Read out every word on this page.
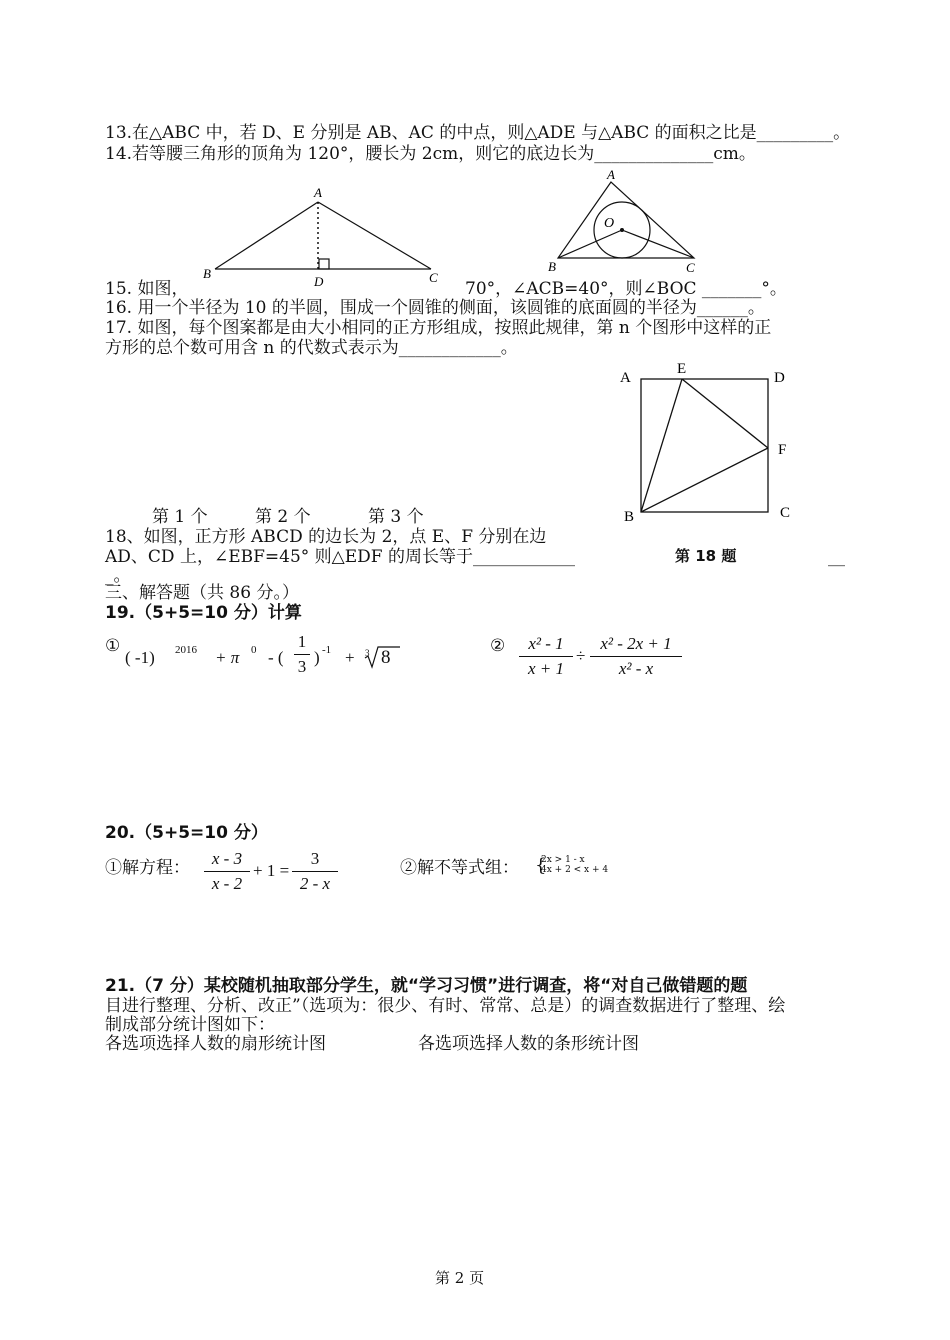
13.在△ABC 中，若 D、E 分别是 AB、AC 的中点，则△ADE 与△ABC 的面积之比是_________。
14.若等腰三角形的顶角为 120°，腰长为 2cm，则它的底边长为______________cm。
A
B	C
D
A
B	C
O
15. 如图，	70°，∠ACB=40°，则∠BOC _______°。
16. 用一个半径为 10 的半圆，围成一个圆锥的侧面，该圆锥的底面圆的半径为______。
17. 如图，每个图案都是由大小相同的正方形组成，按照此规律，第 n 个图形中这样的正
方形的总个数可用含 n 的代数式表示为____________。
A
E
D
F
B	C
第 1 个	第 2 个	第 3 个
18、如图，正方形 ABCD 的边长为 2，点 E、F 分别在边
AD、CD 上，∠EBF=45° 则△EDF 的周长等于____________	第 18 题	__
_。
三、解答题（共 86 分。）
19.（5+5=10 分）计算
①
( -1) 2016 + π 0 - (
1
3 ) -1 + 3 8
②	x² - 1
x + 1
÷
x² - 2x + 1
x² - x
20.（5+5=10 分）
①解方程：	x - 3
x - 2
+ 1 =
3
2 - x
②解不等式组： {
2x > 1 - x
4x + 2 < x + 4
21.（7 分）某校随机抽取部分学生，就“学习习惯”进行调查，将“对自己做错题的题
目进行整理、分析、改正”（选项为：很少、有时、常常、总是）的调查数据进行了整理、绘
制成部分统计图如下：
各选项选择人数的扇形统计图	各选项选择人数的条形统计图
第 2 页
